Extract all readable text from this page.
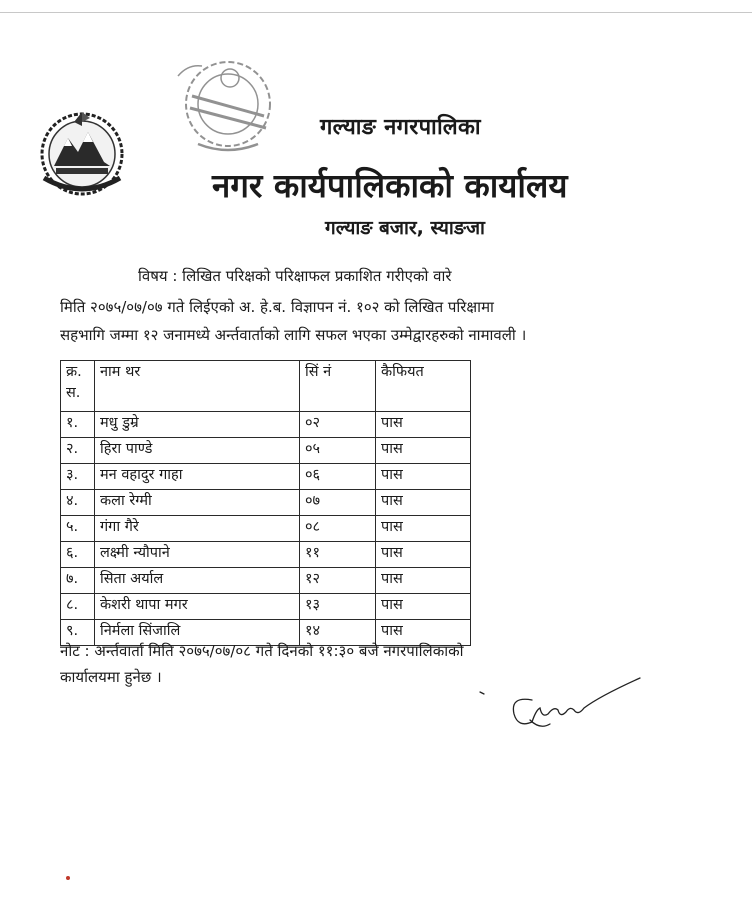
गल्याङ नगरपालिका
नगर कार्यपालिकाको कार्यालय
गल्याङ बजार, स्याङजा
विषय : लिखित परिक्षको परिक्षाफल प्रकाशित गरीएको वारे
मिति २०७५/०७/०७ गते लिईएको अ. हे.ब. विज्ञापन नं. १०२ को लिखित परिक्षामा
सहभागि जम्मा १२ जनामध्ये अर्न्तवार्ताको लागि सफल भएका उम्मेद्वारहरुको नामावली ।
क्र. स.	नाम थर	सिं नं	कैफियत
१.	मधु डुम्रे	०२	पास
२.	हिरा पाण्डे	०५	पास
३.	मन वहादुर गाहा	०६	पास
४.	कला रेग्मी	०७	पास
५.	गंगा गैरे	०८	पास
६.	लक्ष्मी न्यौपाने	११	पास
७.	सिता अर्याल	१२	पास
८.	केशरी थापा मगर	१३	पास
९.	निर्मला सिंजालि	१४	पास
नोट : अर्न्तवार्ता मिति २०७५/०७/०८ गते दिनको ११:३० बजे नगरपालिकाको
कार्यालयमा हुनेछ ।
